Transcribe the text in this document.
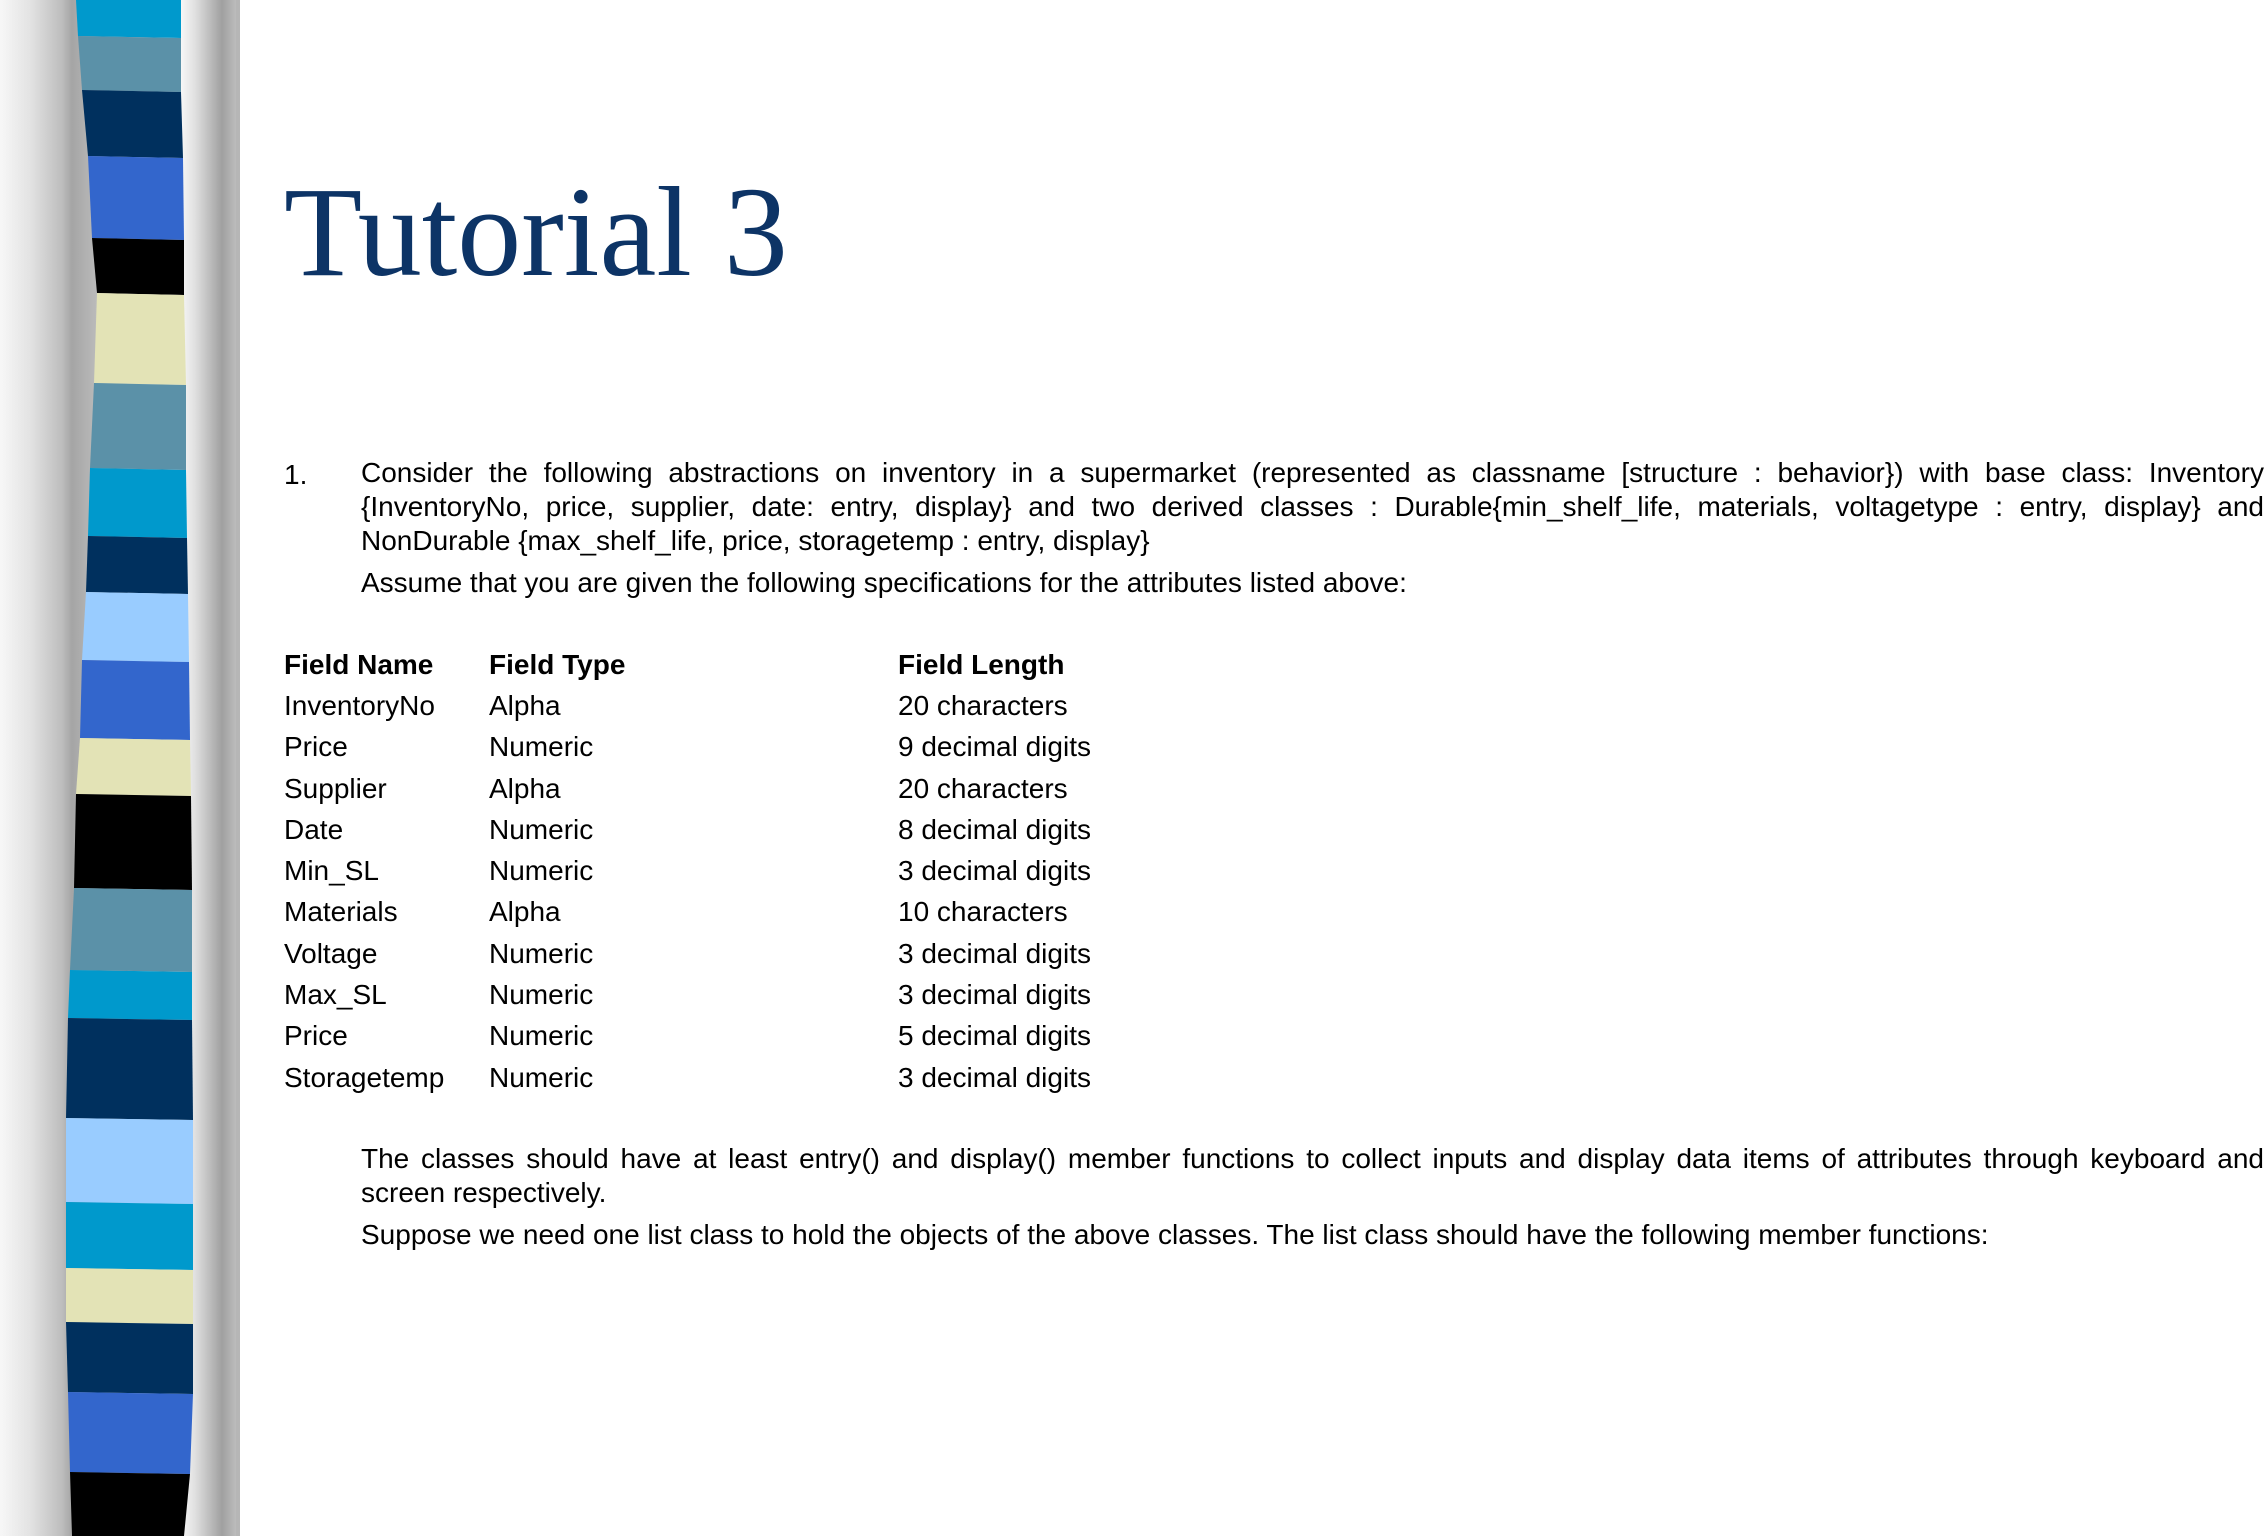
Tutorial 3
1. Consider the following abstractions on inventory in a supermarket (represented as classname [structure : behavior}) with base class: Inventory {InventoryNo, price, supplier, date: entry, display} and two derived classes : Durable{min_shelf_life, materials, voltagetype : entry, display} and NonDurable {max_shelf_life, price, storagetemp : entry, display}

Assume that you are given the following specifications for the attributes listed above:

Field Name	Field Type	Field Length
InventoryNo	Alpha	20 characters
Price	Numeric	9 decimal digits
Supplier	Alpha	20 characters
Date	Numeric	8 decimal digits
Min_SL	Numeric	3 decimal digits
Materials	Alpha	10 characters
Voltage	Numeric	3 decimal digits
Max_SL	Numeric	3 decimal digits
Price	Numeric	5 decimal digits
Storagetemp	Numeric	3 decimal digits

The classes should have at least entry() and display() member functions to collect inputs and display data items of attributes through keyboard and screen respectively.

Suppose we need one list class to hold the objects of the above classes. The list class should have the following member functions:
